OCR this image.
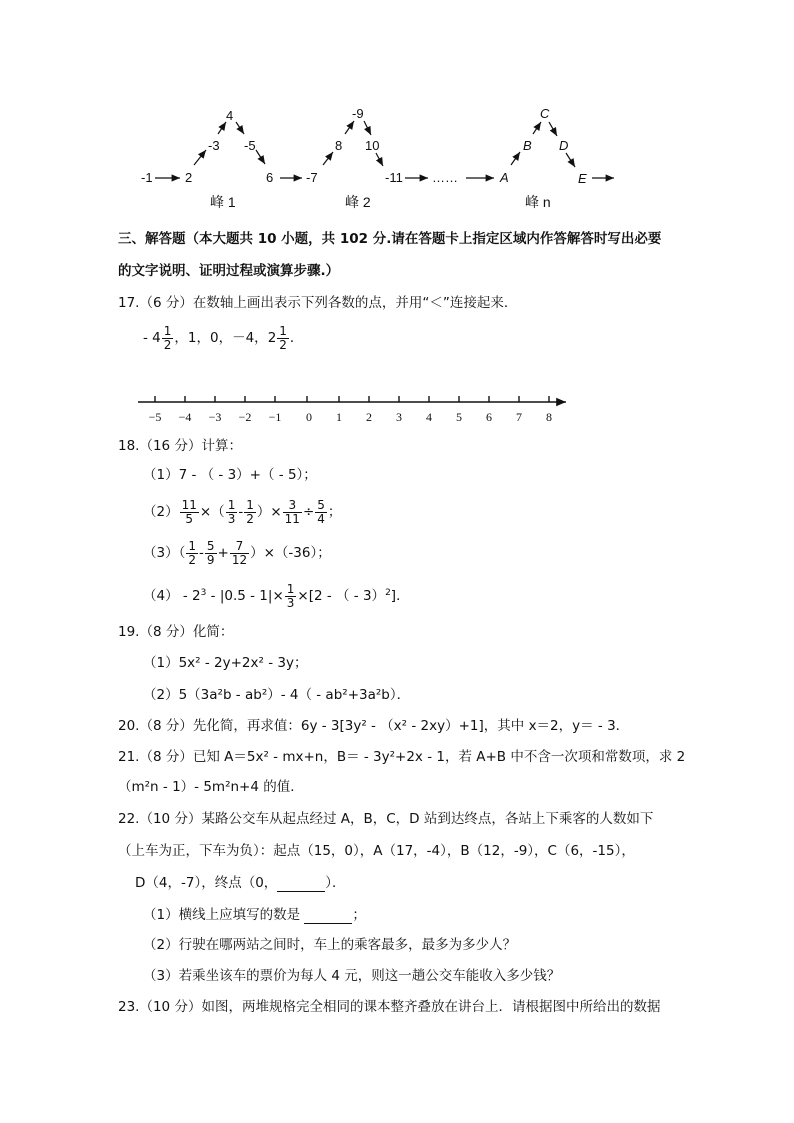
-1 2
-3
4
-5
6	-7
8
-9
10
-11 ……	A
B
C
D
E
峰 1	峰 2	峰 n
三、解答题（本大题共 10 小题，共 102 分.请在答题卡上指定区域内作答解答时写出必要
的文字说明、证明过程或演算步骤.）
17.（6 分）在数轴上画出表示下列各数的点，并用“＜”连接起来．
- $4 \frac{1}{2}$ ，1，0，－4，$2 \frac{1}{2}$ ．
−5 −4 −3 −2 −1 0 1 2 3 4 5 6 7 8
18.（16 分）计算：
（1）7 - （ - 3）+（ - 5）；
$(2) \frac{11}{5}$ ×（ $\frac{1}{3} - \frac{1}{2}$ ）× $\frac{3}{11} \div \frac{5}{4}$ ；
$(3)( \frac{1}{2} - \frac{5}{9} + \frac{7}{12} )\times(-36)$；
$(4) - 2^3 - |0.5 - 1|\times \frac{1}{3} \times[2$ - （ - 3）$^2$]．
19.（8 分）化简：
（1）5x² - 2y+2x² - 3y；
（2）5（3a²b - ab²）- 4（ - ab²+3a²b）．
20.（8 分）先化简，再求值：6y - 3[3y² - （x² - 2xy）+1]，其中 x＝2，y＝ - 3．
21.（8 分）已知 A＝5x² - mx+n，B＝ - 3y²+2x - 1，若 A+B 中不含一次项和常数项，求 2
（m²n - 1）- 5m²n+4 的值．
22.（10 分）某路公交车从起点经过 A，B，C，D 站到达终点，各站上下乘客的人数如下
（上车为正，下车为负）：起点（15，0），A（17，-4），B（12，-9），C（6，-15），
D（4，-7），终点（0，	）．
（1）横线上应填写的数是	；
（2）行驶在哪两站之间时，车上的乘客最多，最多为多少人？
（3）若乘坐该车的票价为每人 4 元，则这一趟公交车能收入多少钱？
23.（10 分）如图，两堆规格完全相同的课本整齐叠放在讲台上．请根据图中所给出的数据
